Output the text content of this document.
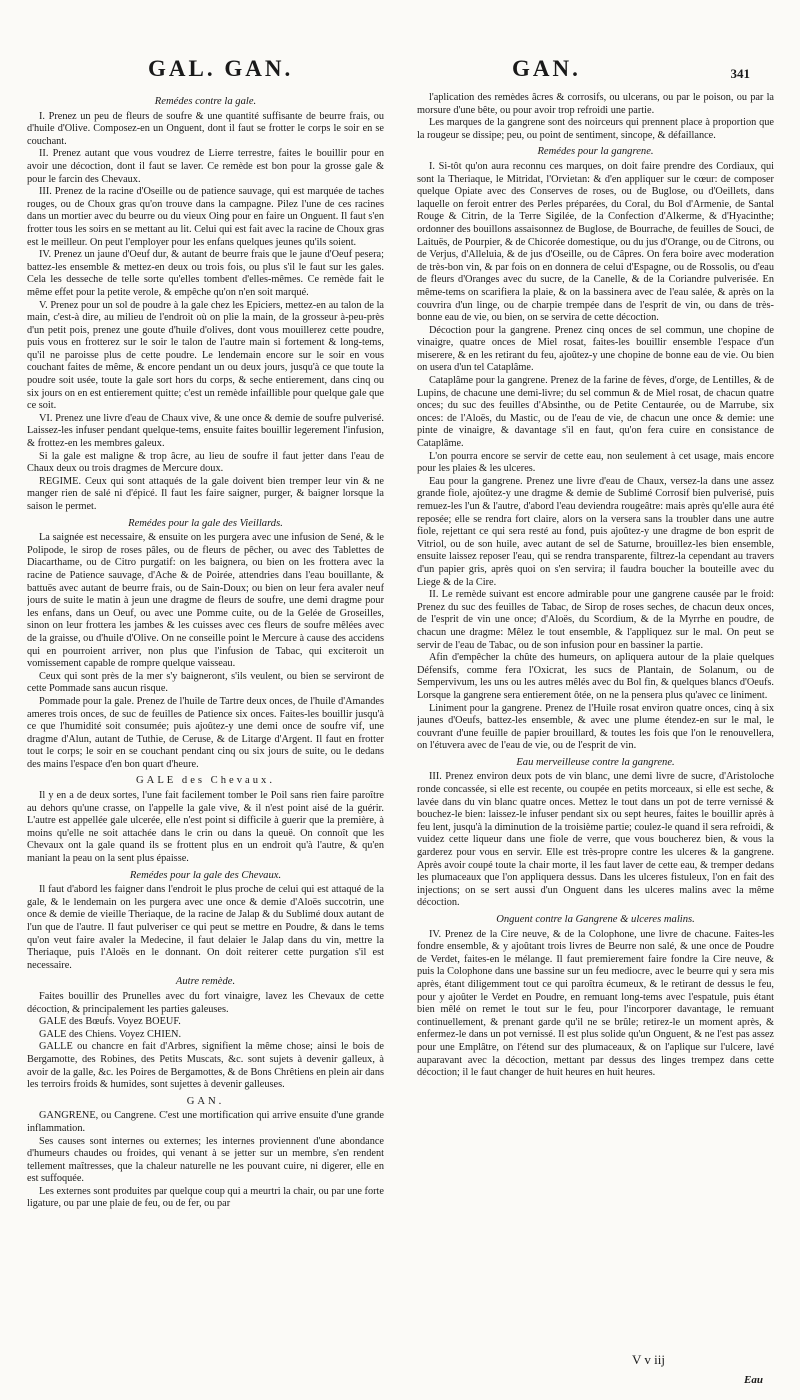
GAL. GAN.	GAN.	341

Remédes contre la gale.

I. Prenez un peu de fleurs de soufre & une quantité suffisante de beurre frais, ou d'huile d'Olive. Composez-en un Onguent, dont il faut se frotter le corps le soir en se couchant.

II. Prenez autant que vous voudrez de Lierre terrestre, faites le bouillir pour en avoir une décoction, dont il faut se laver. Ce remède est bon pour la grosse gale & pour le farcin des Chevaux.

III. Prenez de la racine d'Oseille ou de patience sauvage, qui est marquée de taches rouges, ou de Choux gras qu'on trouve dans la campagne. Pilez l'une de ces racines dans un mortier avec du beurre ou du vieux Oing pour en faire un Onguent. Il faut s'en frotter tous les soirs en se mettant au lit. Celui qui est fait avec la racine de Choux gras est le meilleur. On peut l'employer pour les enfans quelques jeunes qu'ils soient.

IV. Prenez un jaune d'Oeuf dur, & autant de beurre frais que le jaune d'Oeuf pesera; battez-les ensemble & mettez-en deux ou trois fois, ou plus s'il le faut sur les gales. Cela les desseche de telle sorte qu'elles tombent d'elles-mêmes. Ce remède fait le même effet pour la petite verole, & empêche qu'on n'en soit marqué.

V. Prenez pour un sol de poudre à la gale chez les Epiciers, mettez-en au talon de la main, c'est-à dire, au milieu de l'endroit où on plie la main, de la grosseur à-peu-près d'un petit pois, prenez une goute d'huile d'olives, dont vous mouillerez cette poudre, puis vous en frotterez sur le soir le talon de l'autre main si fortement & long-tems, qu'il ne paroisse plus de cette poudre. Le lendemain encore sur le soir en vous couchant faites de même, & encore pendant un ou deux jours, jusqu'à ce que toute la poudre soit usée, toute la gale sort hors du corps, & seche entierement, dans cinq ou six jours on en est entierement quitte; c'est un remède infaillible pour quelque gale que ce soit.

VI. Prenez une livre d'eau de Chaux vive, & une once & demie de soufre pulverisé. Laissez-les infuser pendant quelque-tems, ensuite faites bouillir legerement l'infusion, & frottez-en les membres galeux.

Si la gale est maligne & trop âcre, au lieu de soufre il faut jetter dans l'eau de Chaux deux ou trois dragmes de Mercure doux.

REGIME. Ceux qui sont attaqués de la gale doivent bien tremper leur vin & ne manger rien de salé ni d'épicé. Il faut les faire saigner, purger, & baigner lorsque la saison le permet.

Remédes pour la gale des Vieillards.

La saignée est necessaire, & ensuite on les purgera avec une infusion de Sené, & le Polipode, le sirop de roses pâles, ou de fleurs de pêcher, ou avec des Tablettes de Diacarthame, ou de Citro purgatif: on les baignera, ou bien on les frottera avec la racine de Patience sauvage, d'Ache & de Poirée, attendries dans l'eau bouillante, & battuës avec autant de beurre frais, ou de Sain-Doux; ou bien on leur fera avaler neuf jours de suite le matin à jeun une dragme de fleurs de soufre, une demi dragme pour les enfans, dans un Oeuf, ou avec une Pomme cuite, ou de la Gelée de Groseilles, sinon on leur frottera les jambes & les cuisses avec ces fleurs de soufre mêlées avec de la graisse, ou d'huile d'Olive. On ne conseille point le Mercure à cause des accidens qui en pourroient arriver, non plus que l'infusion de Tabac, qui exciteroit un vomissement capable de rompre quelque vaisseau.

Ceux qui sont près de la mer s'y baigneront, s'ils veulent, ou bien se serviront de cette Pommade sans aucun risque.

Pommade pour la gale. Prenez de l'huile de Tartre deux onces, de l'huile d'Amandes ameres trois onces, de suc de feuilles de Patience six onces. Faites-les bouillir jusqu'à ce que l'humidité soit consumée; puis ajoûtez-y une demi once de soufre vif, une dragme d'Alun, autant de Tuthie, de Ceruse, & de Litarge d'Argent. Il faut en frotter tout le corps; le soir en se couchant pendant cinq ou six jours de suite, ou le dedans des mains l'espace d'en bon quart d'heure.

GALE des Chevaux.

Il y en a de deux sortes, l'une fait facilement tomber le Poil sans rien faire paroître au dehors qu'une crasse, on l'appelle la gale vive, & il n'est point aisé de la guérir. L'autre est appellée gale ulcerée, elle n'est point si difficile à guerir que la première, à moins qu'elle ne soit attachée dans le crin ou dans la queuë. On connoît que les Chevaux ont la gale quand ils se frottent plus en un endroit qu'à l'autre, & qu'en maniant la peau on la sent plus épaisse.

Remédes pour la gale des Chevaux.

Il faut d'abord les faigner dans l'endroit le plus proche de celui qui est attaqué de la gale, & le lendemain on les purgera avec une once & demie d'Aloës succotrin, une once & demie de vieille Theriaque, de la racine de Jalap & du Sublimé doux autant de l'un que de l'autre. Il faut pulveriser ce qui peut se mettre en Poudre, & dans le tems qu'on veut faire avaler la Medecine, il faut delaier le Jalap dans du vin, mettre la Theriaque, puis l'Aloës en le donnant. On doit reiterer cette purgation s'il est necessaire.

Autre remède.

Faites bouillir des Prunelles avec du fort vinaigre, lavez les Chevaux de cette décoction, & principalement les parties galeuses.

GALE des Bœufs. Voyez BOEUF.

GALE des Chiens. Voyez CHIEN.

GALLE ou chancre en fait d'Arbres, signifient la même chose; ainsi le bois de Bergamotte, des Robines, des Petits Muscats, &c. sont sujets à devenir galleux, à avoir de la galle, &c. les Poires de Bergamottes, & de Bons Chrêtiens en plein air dans les terroirs froids & humides, sont sujettes à devenir galleuses.

GAN.

GANGRENE, ou Cangrene. C'est une mortification qui arrive ensuite d'une grande inflammation.

Ses causes sont internes ou externes; les internes proviennent d'une abondance d'humeurs chaudes ou froides, qui venant à se jetter sur un membre, s'en rendent tellement maîtresses, que la chaleur naturelle ne les pouvant cuire, ni digerer, elle en est suffoquée.

Les externes sont produites par quelque coup qui a meurtri la chair, ou par une forte ligature, ou par une plaie de feu, ou de fer, ou par

l'aplication des remèdes âcres & corrosifs, ou ulcerans, ou par le poison, ou par la morsure d'une bête, ou pour avoir trop refroidi une partie.

Les marques de la gangrene sont des noirceurs qui prennent place à proportion que la rougeur se dissipe; peu, ou point de sentiment, sincope, & défaillance.

Remédes pour la gangrene.

I. Si-tôt qu'on aura reconnu ces marques, on doit faire prendre des Cordiaux, qui sont la Theriaque, le Mitridat, l'Orvietan: & d'en appliquer sur le cœur: de composer quelque Opiate avec des Conserves de roses, ou de Buglose, ou d'Oeillets, dans laquelle on feroit entrer des Perles préparées, du Coral, du Bol d'Armenie, de Santal Rouge & Citrin, de la Terre Sigilée, de la Confection d'Alkerme, & d'Hyacinthe; ordonner des bouillons assaisonnez de Buglose, de Bourrache, de feuilles de Souci, de Laituës, de Pourpier, & de Chicorée domestique, ou du jus d'Orange, ou de Citrons, ou de Verjus, d'Alleluia, & de jus d'Oseille, ou de Câpres. On fera boire avec moderation de très-bon vin, & par fois on en donnera de celui d'Espagne, ou de Rossolis, ou d'eau de fleurs d'Oranges avec du sucre, de la Canelle, & de la Coriandre pulverisée. En même-tems on scarifiera la plaie, & on la bassinera avec de l'eau salée, & après on la couvrira d'un linge, ou de charpie trempée dans de l'esprit de vin, ou dans de très-bonne eau de vie, ou bien, on se servira de cette décoction.

Décoction pour la gangrene. Prenez cinq onces de sel commun, une chopine de vinaigre, quatre onces de Miel rosat, faites-les bouillir ensemble l'espace d'un miserere, & en les retirant du feu, ajoûtez-y une chopine de bonne eau de vie. Ou bien on usera d'un tel Cataplâme.

Cataplâme pour la gangrene. Prenez de la farine de fèves, d'orge, de Lentilles, & de Lupins, de chacune une demi-livre; du sel commun & de Miel rosat, de chacun quatre onces; du suc des feuilles d'Absinthe, ou de Petite Centaurée, ou de Marrube, six onces: de l'Aloës, du Mastic, ou de l'eau de vie, de chacun une once & demie: une pinte de vinaigre, & davantage s'il en faut, qu'on fera cuire en consistance de Cataplâme.

L'on pourra encore se servir de cette eau, non seulement à cet usage, mais encore pour les plaies & les ulceres.

Eau pour la gangrene. Prenez une livre d'eau de Chaux, versez-la dans une assez grande fiole, ajoûtez-y une dragme & demie de Sublimé Corrosif bien pulverisé, puis remuez-les l'un & l'autre, d'abord l'eau deviendra rougeâtre: mais après qu'elle aura été reposée; elle se rendra fort claire, alors on la versera sans la troubler dans une autre fiole, rejettant ce qui sera resté au fond, puis ajoûtez-y une dragme de bon esprit de Vitriol, ou de son huile, avec autant de sel de Saturne, brouillez-les bien ensemble, ensuite laissez reposer l'eau, qui se rendra transparente, filtrez-la cependant au travers d'un papier gris, après quoi on s'en servira; il faudra boucher la bouteille avec du Liege & de la Cire.

II. Le remède suivant est encore admirable pour une gangrene causée par le froid: Prenez du suc des feuilles de Tabac, de Sirop de roses seches, de chacun deux onces, de l'esprit de vin une once; d'Aloës, du Scordium, & de la Myrrhe en poudre, de chacun une dragme: Mêlez le tout ensemble, & l'appliquez sur le mal. On peut se servir de l'eau de Tabac, ou de son infusion pour en bassiner la partie.

Afin d'empêcher la chûte des humeurs, on apliquera autour de la plaie quelques Défensifs, comme fera l'Oxicrat, les sucs de Plantain, de Solanum, ou de Sempervivum, les uns ou les autres mêlés avec du Bol fin, & quelques blancs d'Oeufs. Lorsque la gangrene sera entierement ôtée, on ne la pensera plus qu'avec ce liniment.

Liniment pour la gangrene. Prenez de l'Huile rosat environ quatre onces, cinq à six jaunes d'Oeufs, battez-les ensemble, & avec une plume étendez-en sur le mal, le couvrant d'une feuille de papier brouillard, & toutes les fois que l'on le renouvellera, on l'étuvera avec de l'eau de vie, ou de l'esprit de vin.

Eau merveilleuse contre la gangrene.

III. Prenez environ deux pots de vin blanc, une demi livre de sucre, d'Aristoloche ronde concassée, si elle est recente, ou coupée en petits morceaux, si elle est seche, & lavée dans du vin blanc quatre onces. Mettez le tout dans un pot de terre vernissé & bouchez-le bien: laissez-le infuser pendant six ou sept heures, faites le bouillir après à feu lent, jusqu'à la diminution de la troisième partie; coulez-le quand il sera refroidi, & vuidez cette liqueur dans une fiole de verre, que vous boucherez bien, & vous la garderez pour vous en servir. Elle est très-propre contre les ulceres & la gangrene. Après avoir coupé toute la chair morte, il les faut laver de cette eau, & tremper dedans les plumaceaux que l'on appliquera dessus. Dans les ulceres fistuleux, l'on en fait des injections; on se sert aussi d'un Onguent dans les ulceres malins avec la même décoction.

Onguent contre la Gangrene & ulceres malins.

IV. Prenez de la Cire neuve, & de la Colophone, une livre de chacune. Faites-les fondre ensemble, & y ajoûtant trois livres de Beurre non salé, & une once de Poudre de Verdet, faites-en le mélange. Il faut premierement faire fondre la Cire neuve, & puis la Colophone dans une bassine sur un feu mediocre, avec le beurre qui y sera mis après, étant diligemment tout ce qui paroîtra écumeux, & le retirant de dessus le feu, pour y ajoûter le Verdet en Poudre, en remuant long-tems avec l'espatule, puis étant bien mêlé on remet le tout sur le feu, pour l'incorporer davantage, le remuant continuellement, & prenant garde qu'il ne se brûle; retirez-le un moment après, & enfermez-le dans un pot vernissé. Il est plus solide qu'un Onguent, & ne l'est pas assez pour une Emplâtre, on l'étend sur des plumaceaux, & on l'aplique sur l'ulcere, lavé auparavant avec la décoction, mettant par dessus des linges trempez dans cette décoction; il le faut changer de huit heures en huit heures.

V v iij
Eau
